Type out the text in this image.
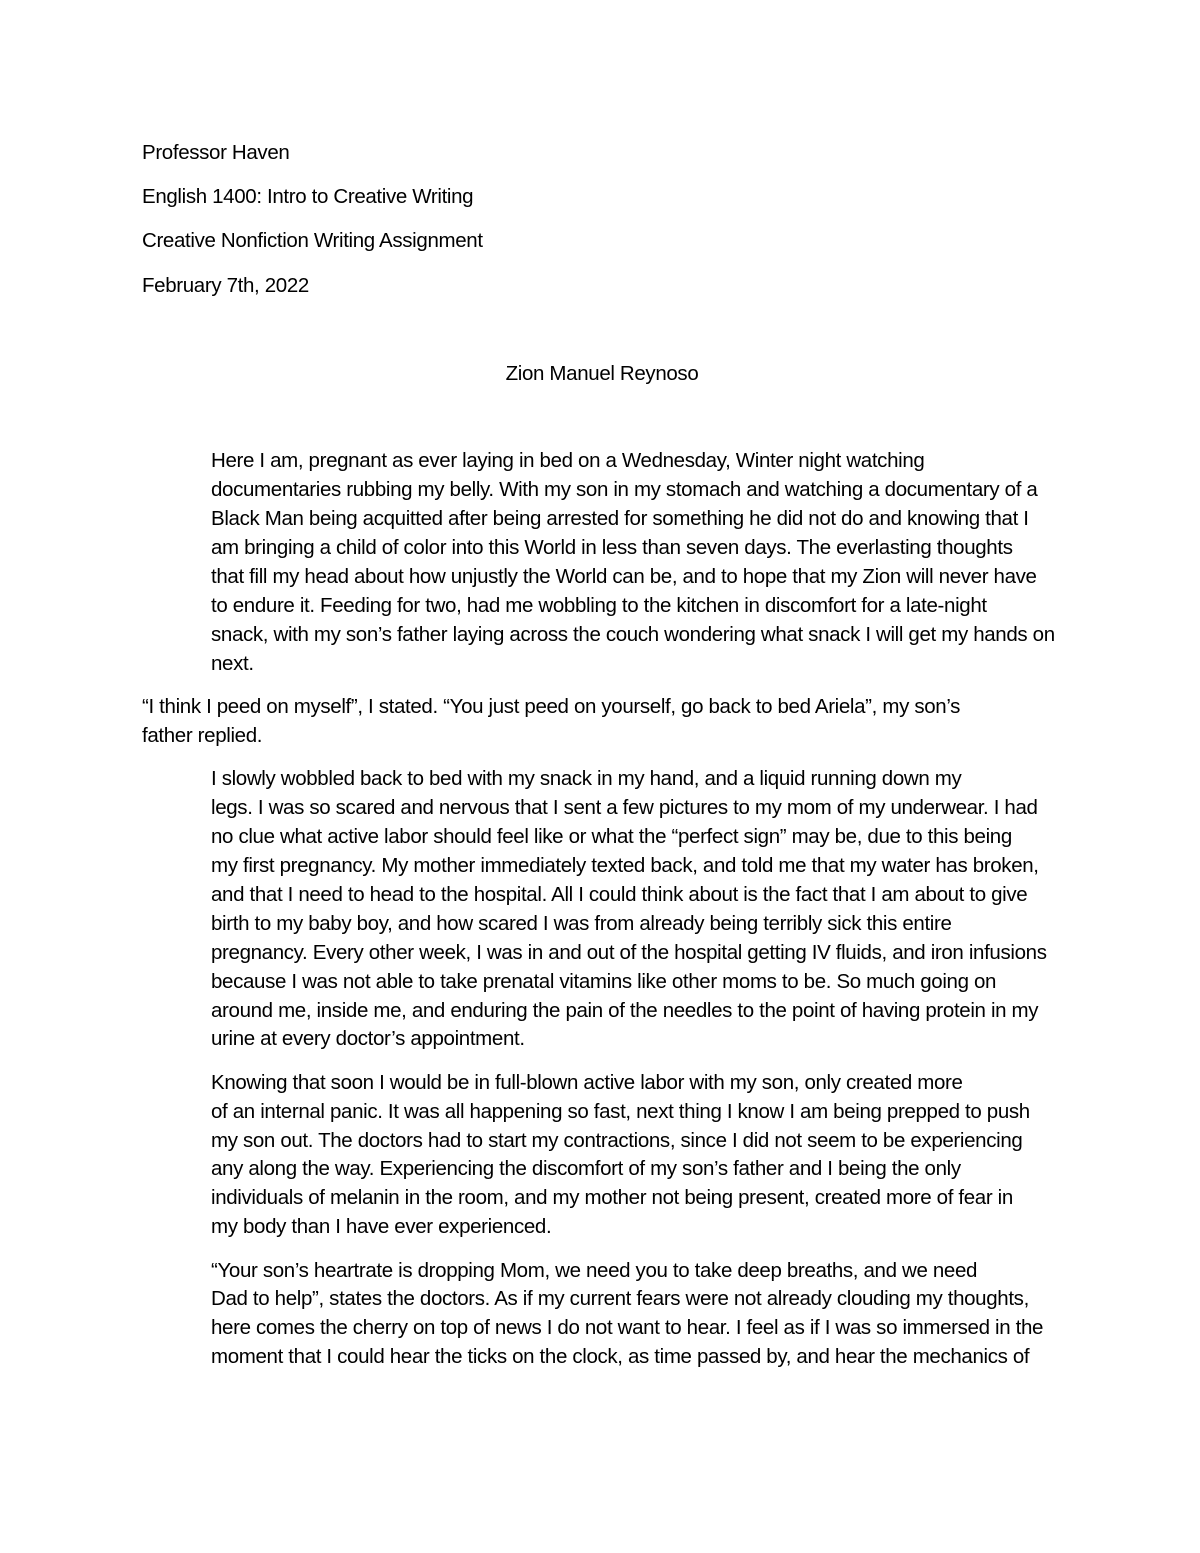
Professor Haven
English 1400: Intro to Creative Writing
Creative Nonfiction Writing Assignment
February 7th, 2022
Zion Manuel Reynoso
Here I am, pregnant as ever laying in bed on a Wednesday, Winter night watching
documentaries rubbing my belly. With my son in my stomach and watching a documentary of a
Black Man being acquitted after being arrested for something he did not do and knowing that I
am bringing a child of color into this World in less than seven days. The everlasting thoughts
that fill my head about how unjustly the World can be, and to hope that my Zion will never have
to endure it. Feeding for two, had me wobbling to the kitchen in discomfort for a late-night
snack, with my son’s father laying across the couch wondering what snack I will get my hands on
next.
“I think I peed on myself”, I stated. “You just peed on yourself, go back to bed Ariela”, my son’s
father replied.
I slowly wobbled back to bed with my snack in my hand, and a liquid running down my
legs. I was so scared and nervous that I sent a few pictures to my mom of my underwear. I had
no clue what active labor should feel like or what the “perfect sign” may be, due to this being
my first pregnancy. My mother immediately texted back, and told me that my water has broken,
and that I need to head to the hospital. All I could think about is the fact that I am about to give
birth to my baby boy, and how scared I was from already being terribly sick this entire
pregnancy. Every other week, I was in and out of the hospital getting IV fluids, and iron infusions
because I was not able to take prenatal vitamins like other moms to be. So much going on
around me, inside me, and enduring the pain of the needles to the point of having protein in my
urine at every doctor’s appointment.
Knowing that soon I would be in full-blown active labor with my son, only created more
of an internal panic. It was all happening so fast, next thing I know I am being prepped to push
my son out. The doctors had to start my contractions, since I did not seem to be experiencing
any along the way. Experiencing the discomfort of my son’s father and I being the only
individuals of melanin in the room, and my mother not being present, created more of fear in
my body than I have ever experienced.
“Your son’s heartrate is dropping Mom, we need you to take deep breaths, and we need
Dad to help”, states the doctors. As if my current fears were not already clouding my thoughts,
here comes the cherry on top of news I do not want to hear. I feel as if I was so immersed in the
moment that I could hear the ticks on the clock, as time passed by, and hear the mechanics of
